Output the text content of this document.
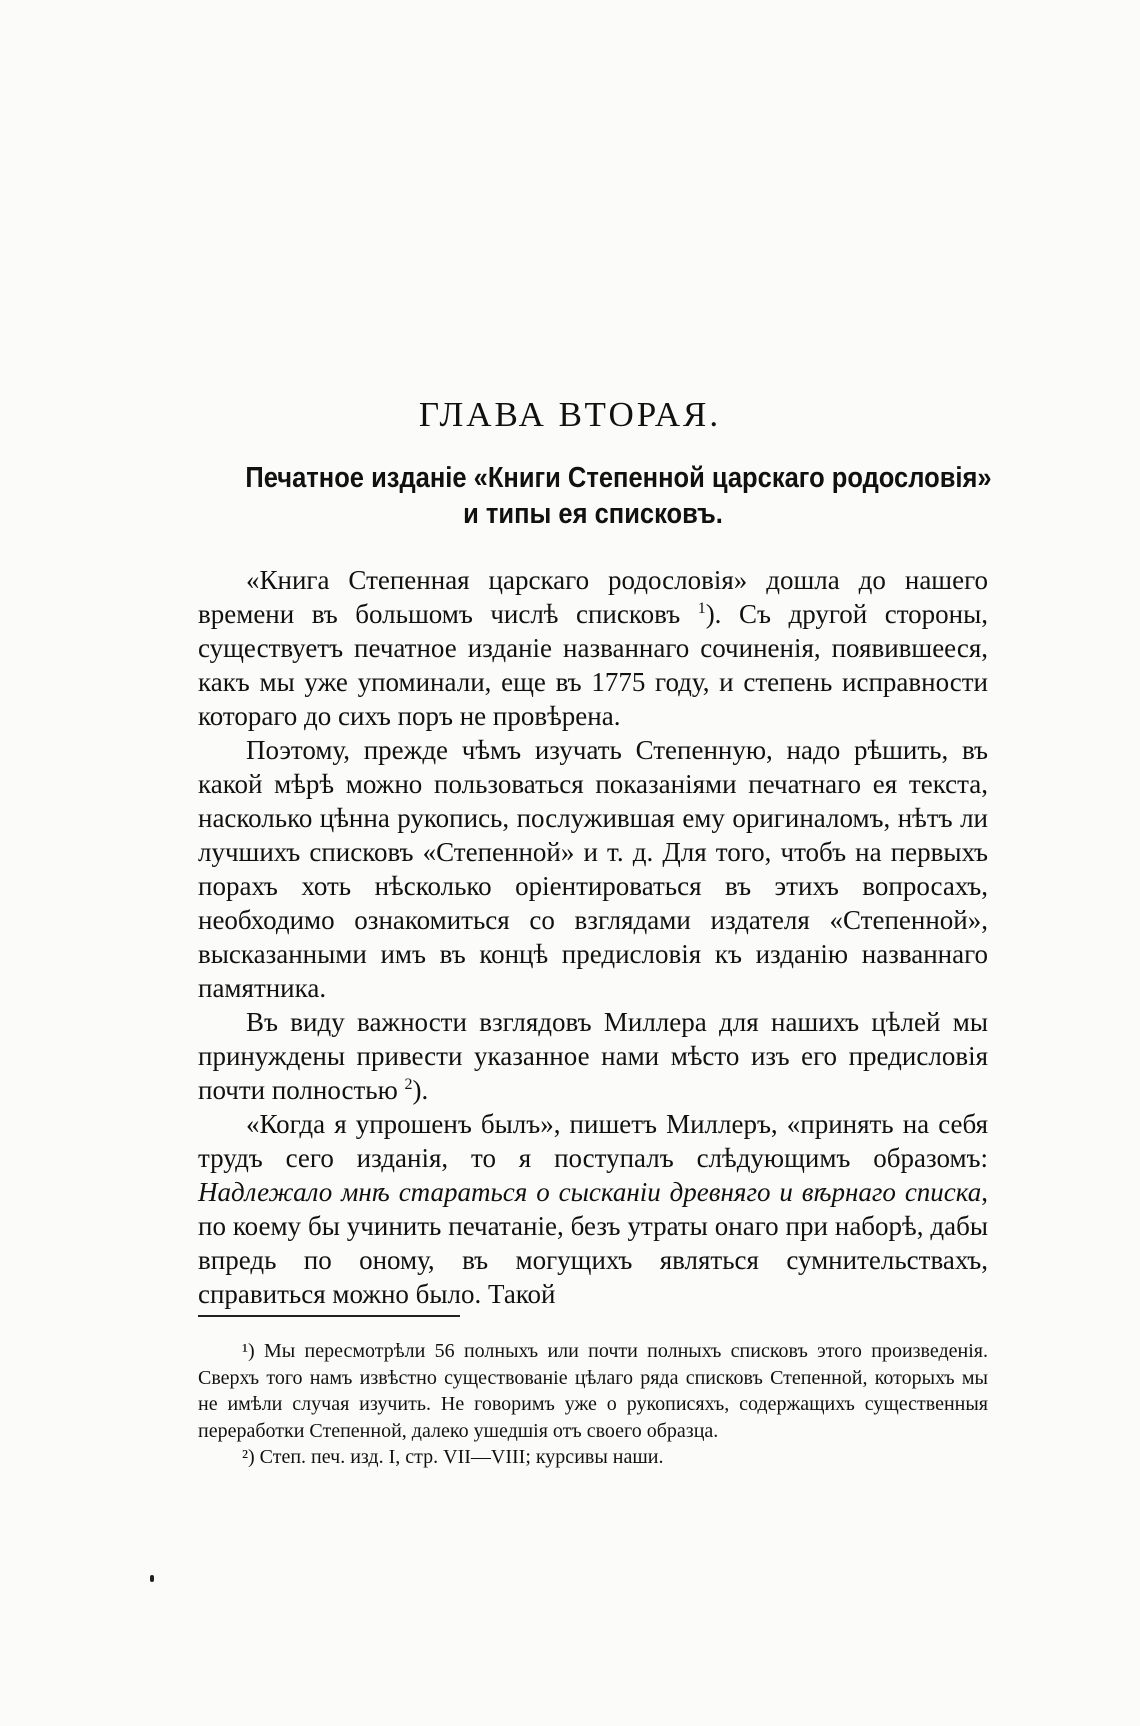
ГЛАВА ВТОРАЯ.
Печатное изданіе «Книги Степенной царскаго родословія»
и типы ея списковъ.

«Книга Степенная царскаго родословія» дошла до нашего времени въ большомъ числѣ списковъ $^1$). Съ другой стороны, существуетъ печатное изданіе названнаго сочиненія, появившееся, какъ мы уже упоминали, еще въ 1775 году, и степень исправности котораго до сихъ поръ не провѣрена.

Поэтому, прежде чѣмъ изучать Степенную, надо рѣшить, въ какой мѣрѣ можно пользоваться показаніями печатнаго ея текста, насколько цѣнна рукопись, послужившая ему оригиналомъ, нѣтъ ли лучшихъ списковъ «Степенной» и т. д. Для того, чтобъ на первыхъ порахъ хоть нѣсколько оріентироваться въ этихъ вопросахъ, необходимо ознакомиться со взглядами издателя «Степенной», высказанными имъ въ концѣ предисловія къ изданію названнаго памятника.

Въ виду важности взглядовъ Миллера для нашихъ цѣлей мы принуждены привести указанное нами мѣсто изъ его предисловія почти полностью $^2$).

«Когда я упрошенъ былъ», пишетъ Миллеръ, «принять на себя трудъ сего изданія, то я поступалъ слѣдующимъ образомъ: Надлежало мнѣ стараться о сысканіи древняго и вѣрнаго списка, по коему бы учинить печатаніе, безъ утраты онаго при наборѣ, дабы впредь по оному, въ могущихъ являться сумнительствахъ, справиться можно было. Такой

¹) Мы пересмотрѣли 56 полныхъ или почти полныхъ списковъ этого произведенія. Сверхъ того намъ извѣстно существованіе цѣлаго ряда списковъ Степенной, которыхъ мы не имѣли случая изучить. Не говоримъ уже о рукописяхъ, содержащихъ существенныя переработки Степенной, далеко ушедшія отъ своего образца.

²) Степ. печ. изд. I, стр. VII—VIII; курсивы наши.
